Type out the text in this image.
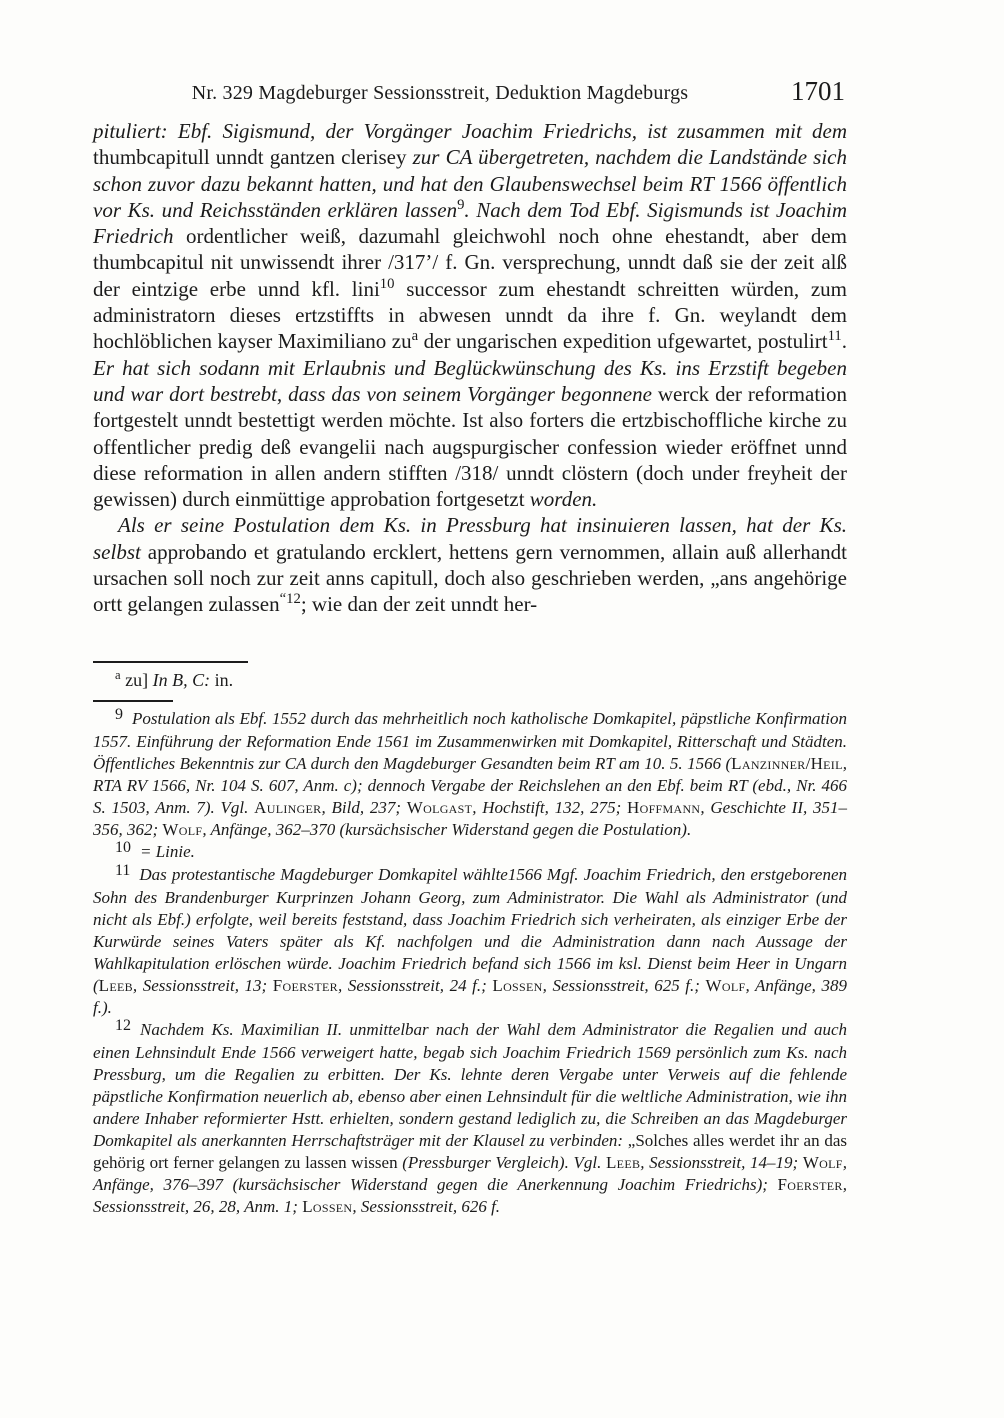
Nr. 329 Magdeburger Sessionsstreit, Deduktion Magdeburgs	1701

pituliert: Ebf. Sigismund, der Vorgänger Joachim Friedrichs, ist zusammen mit dem thumbcapitull unndt gantzen clerisey zur CA übergetreten, nachdem die Landstände sich schon zuvor dazu bekannt hatten, und hat den Glaubenswechsel beim RT 1566 öffentlich vor Ks. und Reichsständen erklären lassen$^9$. Nach dem Tod Ebf. Sigismunds ist Joachim Friedrich ordentlicher weiß, dazumahl gleichwohl noch ohne ehestandt, aber dem thumbcapitul nit unwissendt ihrer /317’/ f. Gn. versprechung, unndt daß sie der zeit alß der eintzige erbe unnd kfl. lini$^{10}$ successor zum ehestandt schreitten würden, zum administratorn dieses ertzstiffts in abwesen unndt da ihre f. Gn. weylandt dem hochlöblichen kayser Maximiliano $zu^a$ der ungarischen expedition ufgewartet, postulirt$^{11}$. Er hat sich sodann mit Erlaubnis und Beglückwünschung des Ks. ins Erzstift begeben und war dort bestrebt, dass das von seinem Vorgänger begonnene werck der reformation fortgestelt unndt bestettigt werden möchte. Ist also forters die ertzbischoffliche kirche zu offentlicher predig deß evangelii nach augspurgischer confession wieder eröffnet unnd diese reformation in allen andern stifften /318/ unndt clöstern (doch under freyheit der gewissen) durch einmüttige approbation fortgesetzt worden.

Als er seine Postulation dem Ks. in Pressburg hat insinuieren lassen, hat der Ks. selbst approbando et gratulando ercklert, hettens gern vernommen, allain auß allerhandt ursachen soll noch zur zeit anns capitull, doch also geschrieben werden, „ans angehörige ortt gelangen zulassen$^{“12}$; wie dan der zeit unndt her-

$^a$ zu] In B, C: in.

9 Postulation als Ebf. 1552 durch das mehrheitlich noch katholische Domkapitel, päpstliche Konfirmation 1557. Einführung der Reformation Ende 1561 im Zusammenwirken mit Domkapitel, Ritterschaft und Städten. Öffentliches Bekenntnis zur CA durch den Magdeburger Gesandten beim RT am 10. 5. 1566 (Lanzinner/Heil, RTA RV 1566, Nr. 104 S. 607, Anm. c); dennoch Vergabe der Reichslehen an den Ebf. beim RT (ebd., Nr. 466 S. 1503, Anm. 7). Vgl. Aulinger, Bild, 237; Wolgast, Hochstift, 132, 275; Hoffmann, Geschichte II, 351–356, 362; Wolf, Anfänge, 362–370 (kursächsischer Widerstand gegen die Postulation).

10 = Linie.

11 Das protestantische Magdeburger Domkapitel wählte1566 Mgf. Joachim Friedrich, den erstgeborenen Sohn des Brandenburger Kurprinzen Johann Georg, zum Administrator. Die Wahl als Administrator (und nicht als Ebf.) erfolgte, weil bereits feststand, dass Joachim Friedrich sich verheiraten, als einziger Erbe der Kurwürde seines Vaters später als Kf. nachfolgen und die Administration dann nach Aussage der Wahlkapitulation erlöschen würde. Joachim Friedrich befand sich 1566 im ksl. Dienst beim Heer in Ungarn (Leeb, Sessionsstreit, 13; Foerster, Sessionsstreit, 24 f.; Lossen, Sessionsstreit, 625 f.; Wolf, Anfänge, 389 f.).

12 Nachdem Ks. Maximilian II. unmittelbar nach der Wahl dem Administrator die Regalien und auch einen Lehnsindult Ende 1566 verweigert hatte, begab sich Joachim Friedrich 1569 persönlich zum Ks. nach Pressburg, um die Regalien zu erbitten. Der Ks. lehnte deren Vergabe unter Verweis auf die fehlende päpstliche Konfirmation neuerlich ab, ebenso aber einen Lehnsindult für die weltliche Administration, wie ihn andere Inhaber reformierter Hstt. erhielten, sondern gestand lediglich zu, die Schreiben an das Magdeburger Domkapitel als anerkannten Herrschaftsträger mit der Klausel zu verbinden: „Solches alles werdet ihr an das gehörig ort ferner gelangen zu lassen wissen (Pressburger Vergleich). Vgl. Leeb, Sessionsstreit, 14–19; Wolf, Anfänge, 376–397 (kursächsischer Widerstand gegen die Anerkennung Joachim Friedrichs); Foerster, Sessionsstreit, 26, 28, Anm. 1; Lossen, Sessionsstreit, 626 f.
